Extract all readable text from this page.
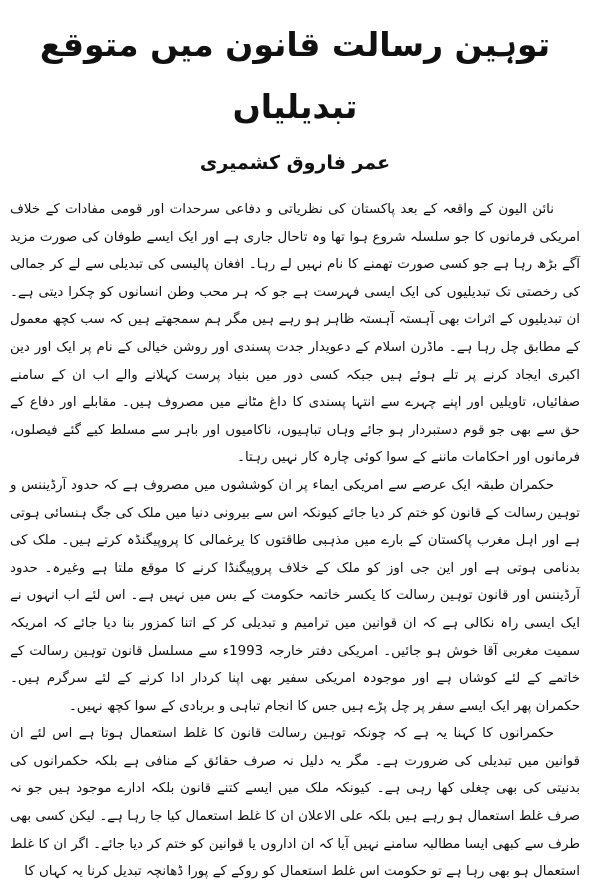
توہین رسالت قانون میں متوقع تبدیلیاں
عمر فاروق کشمیری

نائن الیون کے واقعہ کے بعد پاکستان کی نظریاتی و دفاعی سرحدات اور قومی مفادات کے خلاف امریکی فرمانوں کا جو سلسلہ شروع ہوا تھا وہ تاحال جاری ہے اور ایک ایسے طوفان کی صورت مزید آگے بڑھ رہا ہے جو کسی صورت تھمنے کا نام نہیں لے رہا۔ افغان پالیسی کی تبدیلی سے لے کر جمالی کی رخصتی تک تبدیلیوں کی ایک ایسی فہرست ہے جو کہ ہر محب وطن انسانوں کو چکرا دیتی ہے۔ ان تبدیلیوں کے اثرات بھی آہستہ آہستہ ظاہر ہو رہے ہیں مگر ہم سمجھتے ہیں کہ سب کچھ معمول کے مطابق چل رہا ہے۔ ماڈرن اسلام کے دعویدار جدت پسندی اور روشن خیالی کے نام پر ایک اور دین اکبری ایجاد کرنے پر تلے ہوئے ہیں جبکہ کسی دور میں بنیاد پرست کہلانے والے اب ان کے سامنے صفائیاں، تاویلیں اور اپنے چہرے سے انتہا پسندی کا داغ مٹانے میں مصروف ہیں۔ مقابلے اور دفاع کے حق سے بھی جو قوم دستبردار ہو جائے وہاں تباہیوں، ناکامیوں اور باہر سے مسلط کیے گئے فیصلوں، فرمانوں اور احکامات ماننے کے سوا کوئی چارہ کار نہیں رہتا۔

حکمران طبقہ ایک عرصے سے امریکی ایماء پر ان کوششوں میں مصروف ہے کہ حدود آرڈیننس و توہین رسالت کے قانون کو ختم کر دیا جائے کیونکہ اس سے بیرونی دنیا میں ملک کی جگ ہنسائی ہوتی ہے اور اہل مغرب پاکستان کے بارے میں مذہبی طاقتوں کا یرغمالی کا پروپیگنڈہ کرتے ہیں۔ ملک کی بدنامی ہوتی ہے اور این جی اوز کو ملک کے خلاف پروپیگنڈا کرنے کا موقع ملتا ہے وغیرہ۔ حدود آرڈیننس اور قانون توہین رسالت کا یکسر خاتمہ حکومت کے بس میں نہیں ہے۔ اس لئے اب انہوں نے ایک ایسی راہ نکالی ہے کہ ان قوانین میں ترامیم و تبدیلی کر کے اتنا کمزور بنا دیا جائے کہ امریکہ سمیت مغربی آقا خوش ہو جائیں۔ امریکی دفتر خارجہ 1993ء سے مسلسل قانون توہین رسالت کے خاتمے کے لئے کوشاں ہے اور موجودہ امریکی سفیر بھی اپنا کردار ادا کرنے کے لئے سرگرم ہیں۔ حکمران پھر ایک ایسے سفر پر چل پڑے ہیں جس کا انجام تباہی و بربادی کے سوا کچھ نہیں۔

حکمرانوں کا کہنا یہ ہے کہ چونکہ توہین رسالت قانون کا غلط استعمال ہوتا ہے اس لئے ان قوانین میں تبدیلی کی ضرورت ہے۔ مگر یہ دلیل نہ صرف حقائق کے منافی ہے بلکہ حکمرانوں کی بدنیتی کی بھی چغلی کھا رہی ہے۔ کیونکہ ملک میں ایسے کتنے قانون بلکہ ادارے موجود ہیں جو نہ صرف غلط استعمال ہو رہے ہیں بلکہ علی الاعلان ان کا غلط استعمال کیا جا رہا ہے۔ لیکن کسی بھی طرف سے کبھی ایسا مطالبہ سامنے نہیں آیا کہ ان اداروں یا قوانین کو ختم کر دیا جائے۔ اگر ان کا غلط استعمال ہو بھی رہا ہے تو حکومت اس غلط استعمال کو روکے کے پورا ڈھانچہ تبدیل کرنا یہ کہاں کا
